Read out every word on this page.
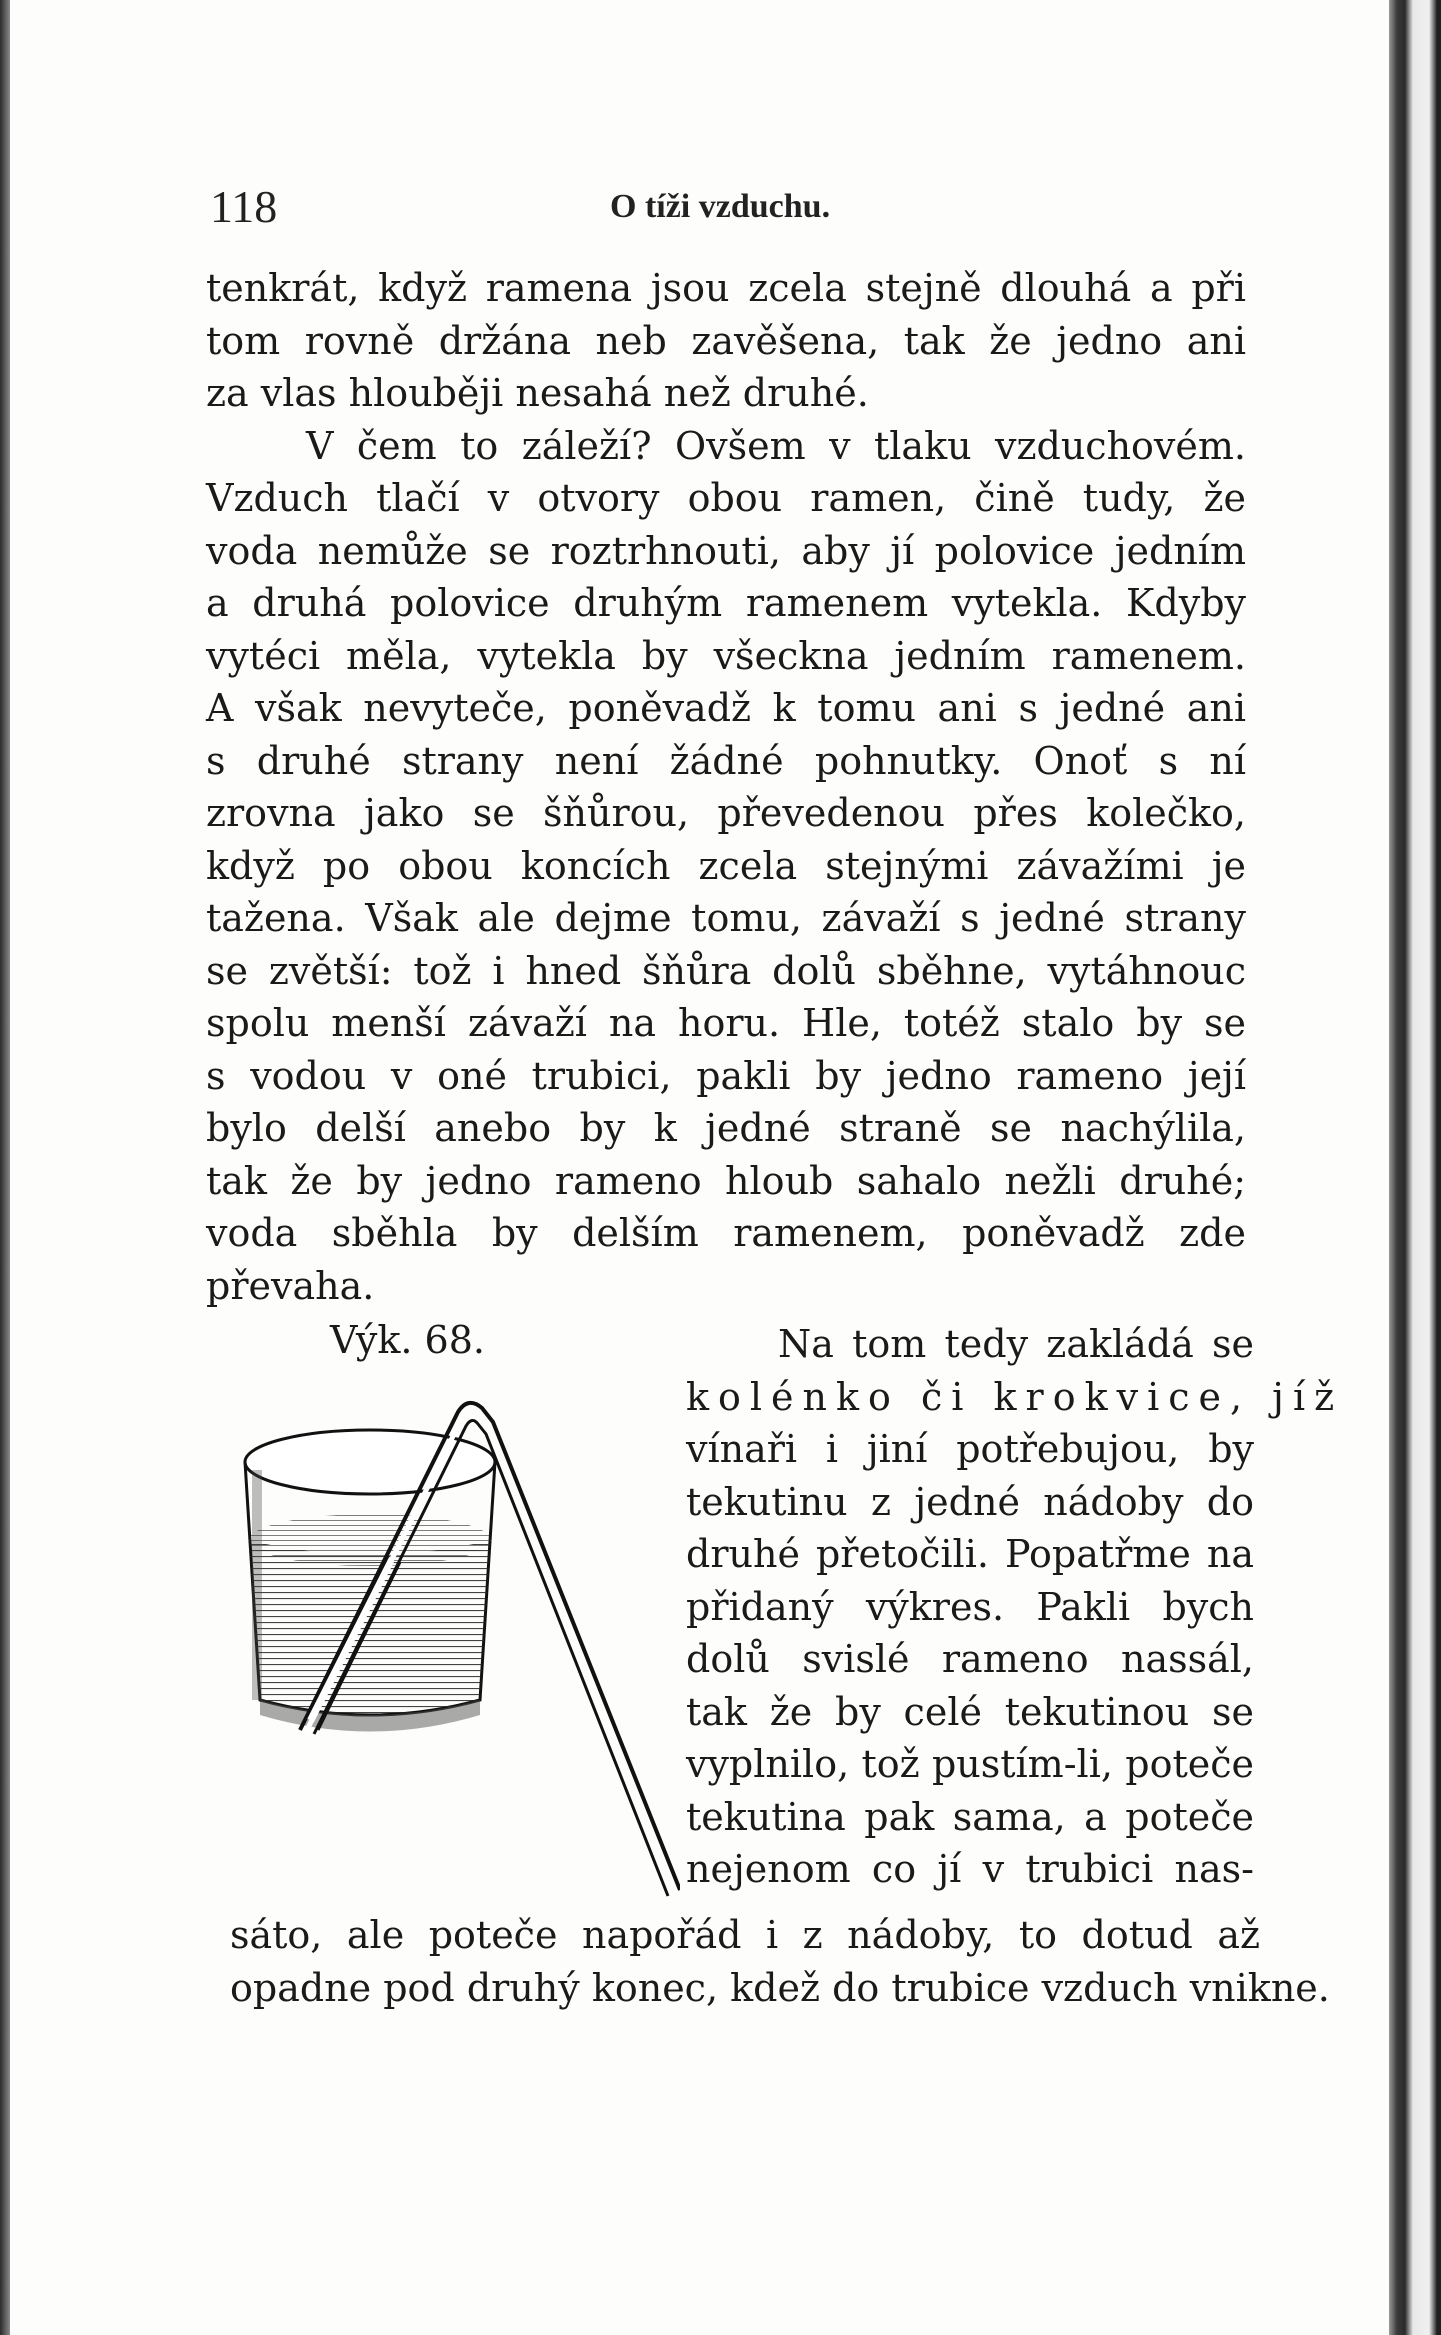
118	O tíži vzduchu.
tenkrát, když ramena jsou zcela stejně dlouhá a při
tom rovně držána neb zavěšena, tak že jedno ani
za vlas hlouběji nesahá než druhé.
V čem to záleží? Ovšem v tlaku vzduchovém.
Vzduch tlačí v otvory obou ramen, čině tudy, že
voda nemůže se roztrhnouti, aby jí polovice jedním
a druhá polovice druhým ramenem vytekla. Kdyby
vytéci měla, vytekla by všeckna jedním ramenem.
A však nevyteče, poněvadž k tomu ani s jedné ani
s druhé strany není žádné pohnutky. Onoť s ní
zrovna jako se šňůrou, převedenou přes kolečko,
když po obou koncích zcela stejnými závažími je
tažena. Však ale dejme tomu, závaží s jedné strany
se zvětší: tož i hned šňůra dolů sběhne, vytáhnouc
spolu menší závaží na horu. Hle, totéž stalo by se
s vodou v oné trubici, pakli by jedno rameno její
bylo delší anebo by k jedné straně se nachýlila,
tak že by jedno rameno hloub sahalo nežli druhé;
voda sběhla by delším ramenem, poněvadž zde
převaha.
Výk. 68.	Na tom tedy zakládá se
kolénko či krokvice, jíž
vínaři i jiní potřebujou, by
tekutinu z jedné nádoby do
druhé přetočili. Popatřme na
přidaný výkres. Pakli bych
dolů svislé rameno nassál,
tak že by celé tekutinou se
vyplnilo, tož pustím-li, poteče
tekutina pak sama, a poteče
nejenom co jí v trubici nas-
sáto, ale poteče napořád i z nádoby, to dotud až
opadne pod druhý konec, kdež do trubice vzduch vnikne.
